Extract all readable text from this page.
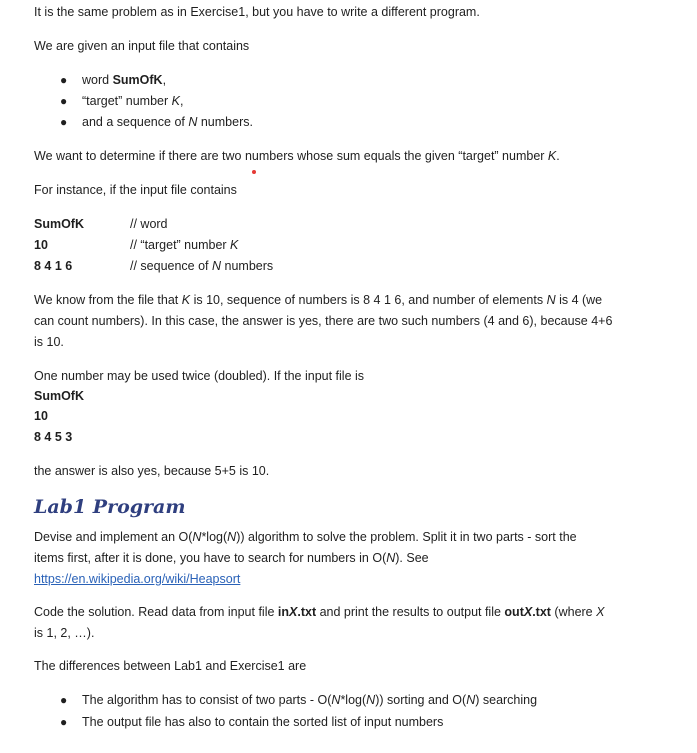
It is the same problem as in Exercise1, but you have to write a different program.
We are given an input file that contains
● word SumOfK,
● “target” number K,
● and a sequence of N numbers.
We want to determine if there are two numbers whose sum equals the given “target” number K.
For instance, if the input file contains
SumOfK	// word
10	// “target” number K
8 4 1 6	// sequence of N numbers
We know from the file that K is 10, sequence of numbers is 8 4 1 6, and number of elements N is 4 (we
can count numbers). In this case, the answer is yes, there are two such numbers (4 and 6), because 4+6
is 10.
One number may be used twice (doubled). If the input file is
SumOfK
10
8 4 5 3
the answer is also yes, because 5+5 is 10.
Lab1 Program
Devise and implement an O(N*log(N)) algorithm to solve the problem. Split it in two parts - sort the
items first, after it is done, you have to search for numbers in O(N). See
https://en.wikipedia.org/wiki/Heapsort
Code the solution. Read data from input file inX.txt and print the results to output file outX.txt (where X
is 1, 2, …).
The differences between Lab1 and Exercise1 are
● The algorithm has to consist of two parts - O(N*log(N)) sorting and O(N) searching
● The output file has also to contain the sorted list of input numbers
